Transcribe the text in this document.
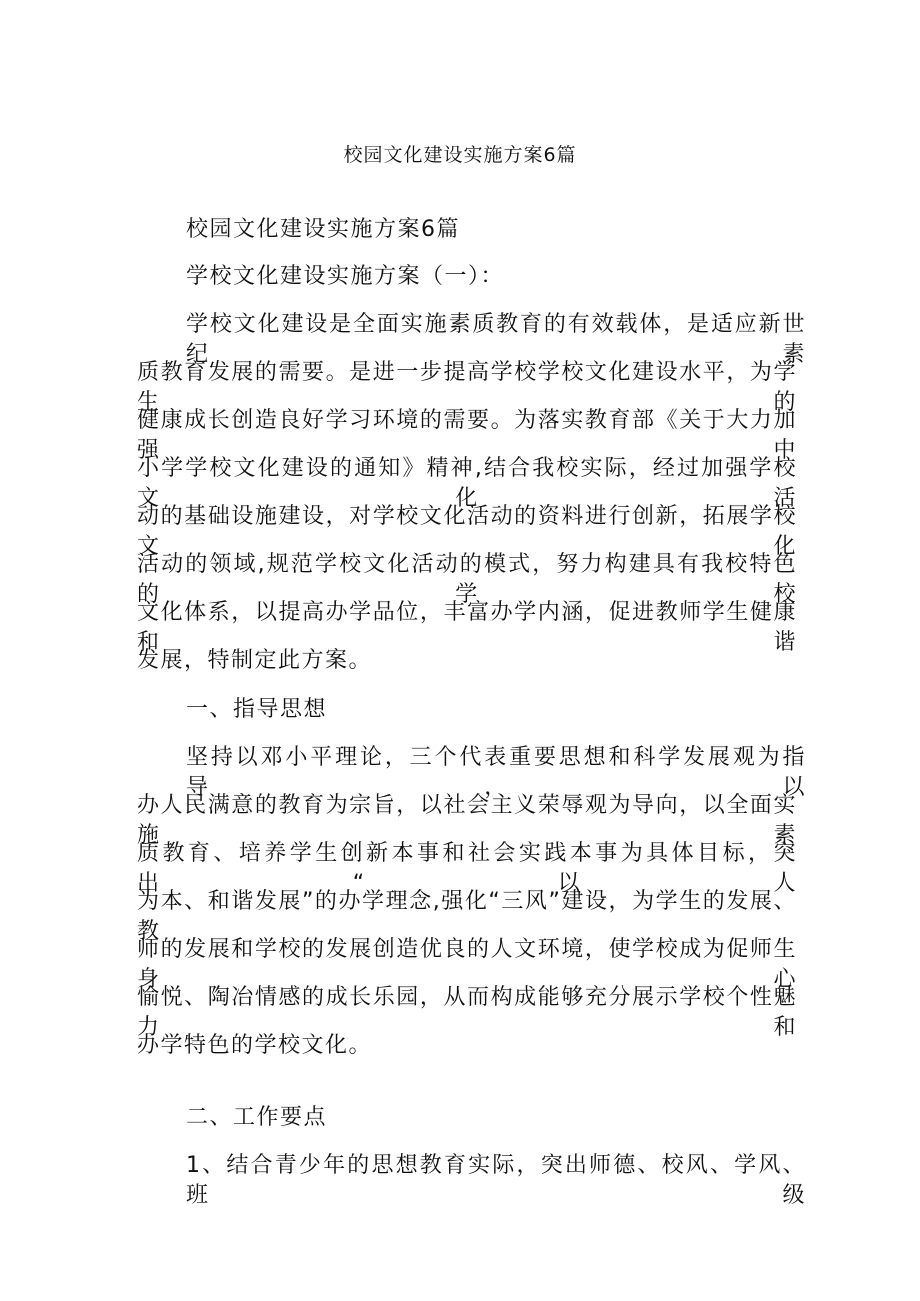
校园文化建设实施方案6篇

校园文化建设实施方案6篇

学校文化建设实施方案（一）：

学校文化建设是全面实施素质教育的有效载体，是适应新世纪素

质教育发展的需要。是进一步提高学校学校文化建设水平，为学生的

健康成长创造良好学习环境的需要。为落实教育部《关于大力加强中

小学学校文化建设的通知》精神,结合我校实际，经过加强学校文化活

动的基础设施建设，对学校文化活动的资料进行创新，拓展学校文化

活动的领域,规范学校文化活动的模式，努力构建具有我校特色的学校

文化体系，以提高办学品位，丰富办学内涵，促进教师学生健康和谐

发展，特制定此方案。

一、指导思想

坚持以邓小平理论，三个代表重要思想和科学发展观为指导，以

办人民满意的教育为宗旨，以社会主义荣辱观为导向，以全面实施素

质教育、培养学生创新本事和社会实践本事为具体目标，突出“以人

为本、和谐发展”的办学理念,强化“三风”建设，为学生的发展、教

师的发展和学校的发展创造优良的人文环境，使学校成为促师生身心

愉悦、陶冶情感的成长乐园，从而构成能够充分展示学校个性魅力和

办学特色的学校文化。

二、工作要点

1、结合青少年的思想教育实际，突出师德、校风、学风、班级
